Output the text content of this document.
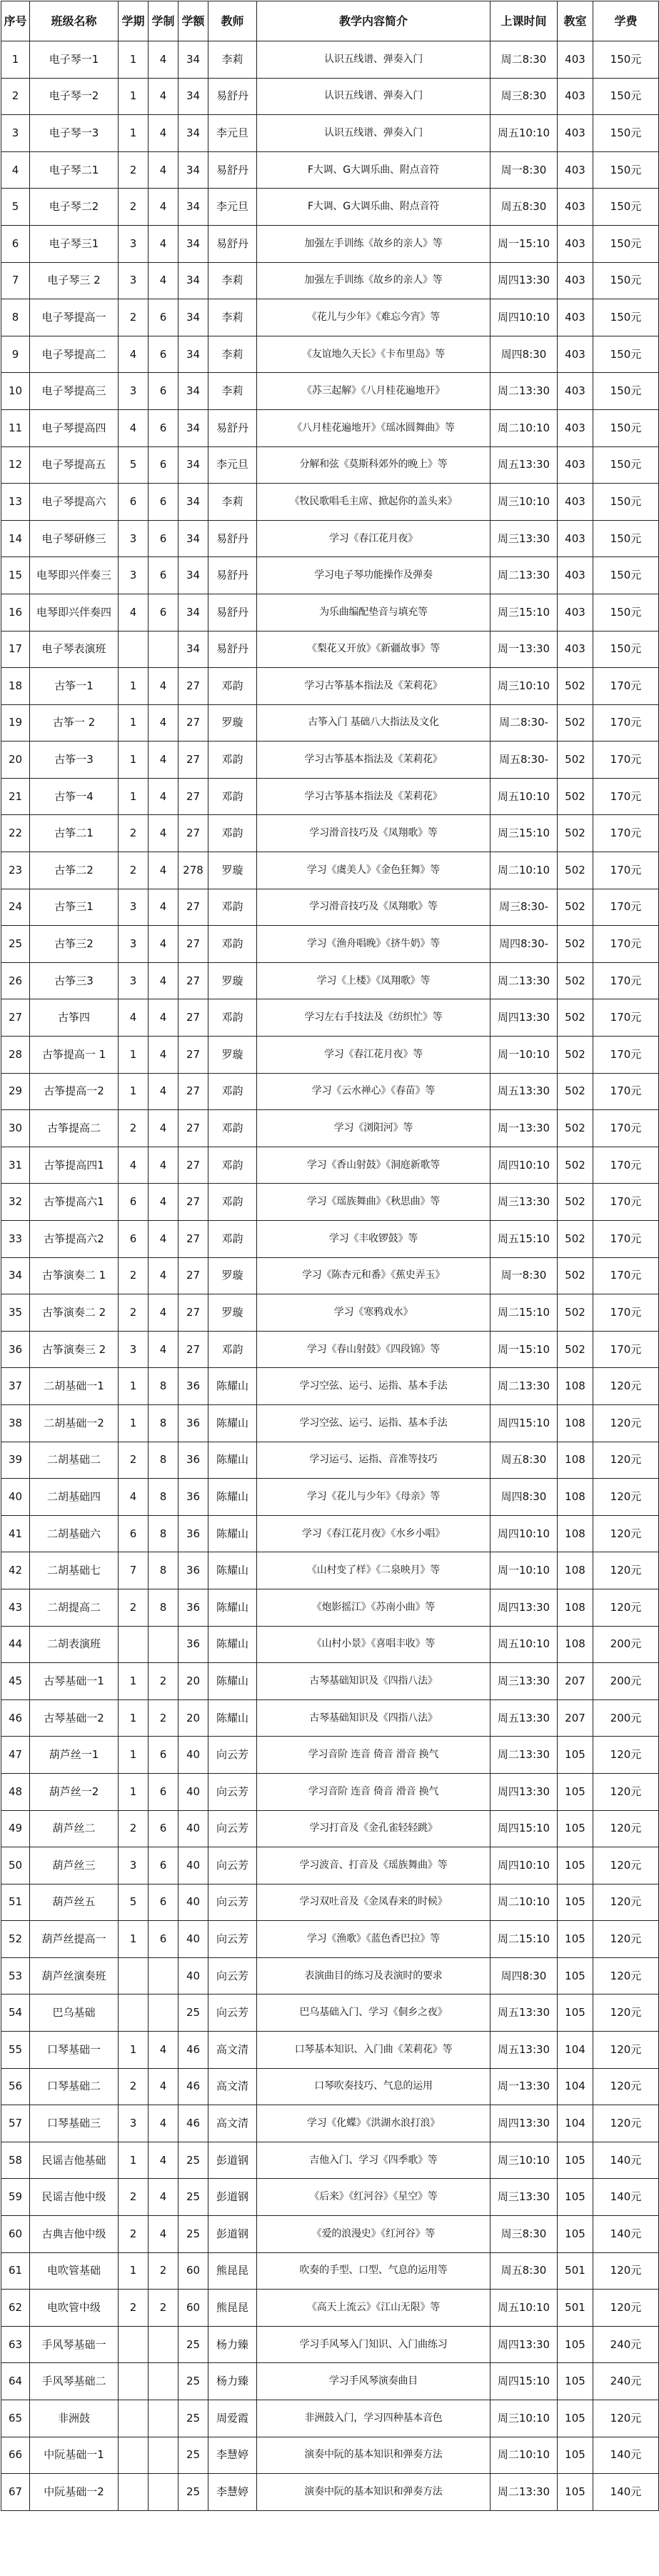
序号	班级名称	学期	学制	学额	教师	教学内容简介	上课时间	教室	学费
1	电子琴一1	1	4	34	李莉	认识五线谱、弹奏入门	周二8:30	403	150元
2	电子琴一2	1	4	34	易舒丹	认识五线谱、弹奏入门	周三8:30	403	150元
3	电子琴一3	1	4	34	李元旦	认识五线谱、弹奏入门	周五10:10	403	150元
4	电子琴二1	2	4	34	易舒丹	F大调、G大调乐曲、附点音符	周一8:30	403	150元
5	电子琴二2	2	4	34	李元旦	F大调、G大调乐曲、附点音符	周五8:30	403	150元
6	电子琴三1	3	4	34	易舒丹	加强左手训练《故乡的亲人》等	周一15:10	403	150元
7	电子琴三 2	3	4	34	李莉	加强左手训练《故乡的亲人》等	周四13:30	403	150元
8	电子琴提高一	2	6	34	李莉	《花儿与少年》《难忘今宵》等	周四10:10	403	150元
9	电子琴提高二	4	6	34	李莉	《友谊地久天长》《卡布里岛》等	周四8:30	403	150元
10	电子琴提高三	3	6	34	李莉	《苏三起解》《八月桂花遍地开》	周二13:30	403	150元
11	电子琴提高四	4	6	34	易舒丹	《八月桂花遍地开》《瑶冰圆舞曲》等	周二10:10	403	150元
12	电子琴提高五	5	6	34	李元旦	分解和弦《莫斯科郊外的晚上》等	周五13:30	403	150元
13	电子琴提高六	6	6	34	李莉	《牧民歌唱毛主席、掀起你的盖头来》	周三10:10	403	150元
14	电子琴研修三	3	6	34	易舒丹	学习《春江花月夜》	周三13:30	403	150元
15	电琴即兴伴奏三	3	6	34	易舒丹	学习电子琴功能操作及弹奏	周二13:30	403	150元
16	电琴即兴伴奏四	4	6	34	易舒丹	为乐曲编配垫音与填充等	周三15:10	403	150元
17	电子琴表演班			34	易舒丹	《梨花又开放》《新疆故事》等	周一13:30	403	150元
18	古筝一1	1	4	27	邓韵	学习古筝基本指法及《茉莉花》	周三10:10	502	170元
19	古筝一 2	1	4	27	罗璇	古筝入门 基础八大指法及文化	周二8:30-	502	170元
20	古筝一3	1	4	27	邓韵	学习古筝基本指法及《茉莉花》	周五8:30-	502	170元
21	古筝一4	1	4	27	邓韵	学习古筝基本指法及《茉莉花》	周五10:10	502	170元
22	古筝二1	2	4	27	邓韵	学习滑音技巧及《凤翔歌》等	周三15:10	502	170元
23	古筝二2	2	4	278	罗璇	学习《虞美人》《金色狂舞》等	周二10:10	502	170元
24	古筝三1	3	4	27	邓韵	学习滑音技巧及《凤翔歌》等	周三8:30-	502	170元
25	古筝三2	3	4	27	邓韵	学习《渔舟唱晚》《挤牛奶》等	周四8:30-	502	170元
26	古筝三3	3	4	27	罗璇	学习《上楼》《凤翔歌》等	周二13:30	502	170元
27	古筝四	4	4	27	邓韵	学习左右手技法及《纺织忙》等	周四13:30	502	170元
28	古筝提高一 1	1	4	27	罗璇	学习《春江花月夜》等	周一10:10	502	170元
29	古筝提高一2	1	4	27	邓韵	学习《云水禅心》《春苗》等	周五13:30	502	170元
30	古筝提高二	2	4	27	邓韵	学习《浏阳河》等	周一13:30	502	170元
31	古筝提高四1	4	4	27	邓韵	学习《香山射鼓》《洞庭新歌等	周四10:10	502	170元
32	古筝提高六1	6	4	27	邓韵	学习《瑶族舞曲》《秋思曲》等	周三13:30	502	170元
33	古筝提高六2	6	4	27	邓韵	学习《丰收锣鼓》等	周五15:10	502	170元
34	古筝演奏二 1	2	4	27	罗璇	学习《陈杏元和番》《蕉史弄玉》	周一8:30	502	170元
35	古筝演奏二 2	2	4	27	罗璇	学习《寒鸦戏水》	周二15:10	502	170元
36	古筝演奏三 2	3	4	27	邓韵	学习《春山射鼓》《四段锦》等	周一15:10	502	170元
37	二胡基础一1	1	8	36	陈耀山	学习空弦、运弓、运指、基本手法	周二13:30	108	120元
38	二胡基础一2	1	8	36	陈耀山	学习空弦、运弓、运指、基本手法	周四15:10	108	120元
39	二胡基础二	2	8	36	陈耀山	学习运弓、运指、音准等技巧	周五8:30	108	120元
40	二胡基础四	4	8	36	陈耀山	学习《花儿与少年》《母亲》等	周四8:30	108	120元
41	二胡基础六	6	8	36	陈耀山	学习《春江花月夜》《水乡小唱》	周四10:10	108	120元
42	二胡基础七	7	8	36	陈耀山	《山村变了样》《二泉映月》等	周一10:10	108	120元
43	二胡提高二	2	8	36	陈耀山	《炮影摇江》《苏南小曲》等	周四13:30	108	120元
44	二胡表演班			36	陈耀山	《山村小景》《喜唱丰收》等	周五10:10	108	200元
45	古琴基础一1	1	2	20	陈耀山	古琴基础知识及《四指八法》	周三13:30	207	200元
46	古琴基础一2	1	2	20	陈耀山	古琴基础知识及《四指八法》	周五13:30	207	200元
47	葫芦丝一1	1	6	40	向云芳	学习音阶 连音 倚音 滑音 换气	周二13:30	105	120元
48	葫芦丝一2	1	6	40	向云芳	学习音阶 连音 倚音 滑音 换气	周四13:30	105	120元
49	葫芦丝二	2	6	40	向云芳	学习打音及《金孔雀轻轻跳》	周四15:10	105	120元
50	葫芦丝三	3	6	40	向云芳	学习波音、打音及《瑶族舞曲》等	周四10:10	105	120元
51	葫芦丝五	5	6	40	向云芳	学习双吐音及《金凤春来的时候》	周二10:10	105	120元
52	葫芦丝提高一	1	6	40	向云芳	学习《渔歌》《蓝色香巴拉》等	周二15:10	105	120元
53	葫芦丝演奏班			40	向云芳	表演曲目的练习及表演时的要求	周四8:30	105	120元
54	巴乌基础			25	向云芳	巴乌基础入门、学习《侗乡之夜》	周五13:30	105	120元
55	口琴基础一	1	4	46	高文清	口琴基本知识、入门曲《茉莉花》等	周五13:30	104	120元
56	口琴基础二	2	4	46	高文清	口琴吹奏技巧、气息的运用	周一13:30	104	120元
57	口琴基础三	3	4	46	高文清	学习《化蝶》《洪湖水浪打浪》	周四13:30	104	120元
58	民谣吉他基础	1	4	25	彭道钢	吉他入门、学习《四季歌》等	周三10:10	105	140元
59	民谣吉他中级	2	4	25	彭道钢	《后来》《红河谷》《星空》等	周三13:30	105	140元
60	古典吉他中级	2	4	25	彭道钢	《爱的浪漫史》《红河谷》等	周三8:30	105	140元
61	电吹管基础	1	2	60	熊昆昆	吹奏的手型、口型、气息的运用等	周五8:30	501	120元
62	电吹管中级	2	2	60	熊昆昆	《高天上流云》《江山无限》等	周五10:10	501	120元
63	手风琴基础一			25	杨力臻	学习手风琴入门知识、入门曲练习	周四13:30	105	240元
64	手风琴基础二			25	杨力臻	学习手风琴演奏曲目	周四15:10	105	240元
65	非洲鼓			25	周爱霞	非洲鼓入门，学习四种基本音色	周三10:10	105	120元
66	中阮基础一1			25	李慧婷	演奏中阮的基本知识和弹奏方法	周二10:10	105	140元
67	中阮基础一2			25	李慧婷	演奏中阮的基本知识和弹奏方法	周二13:30	105	140元
